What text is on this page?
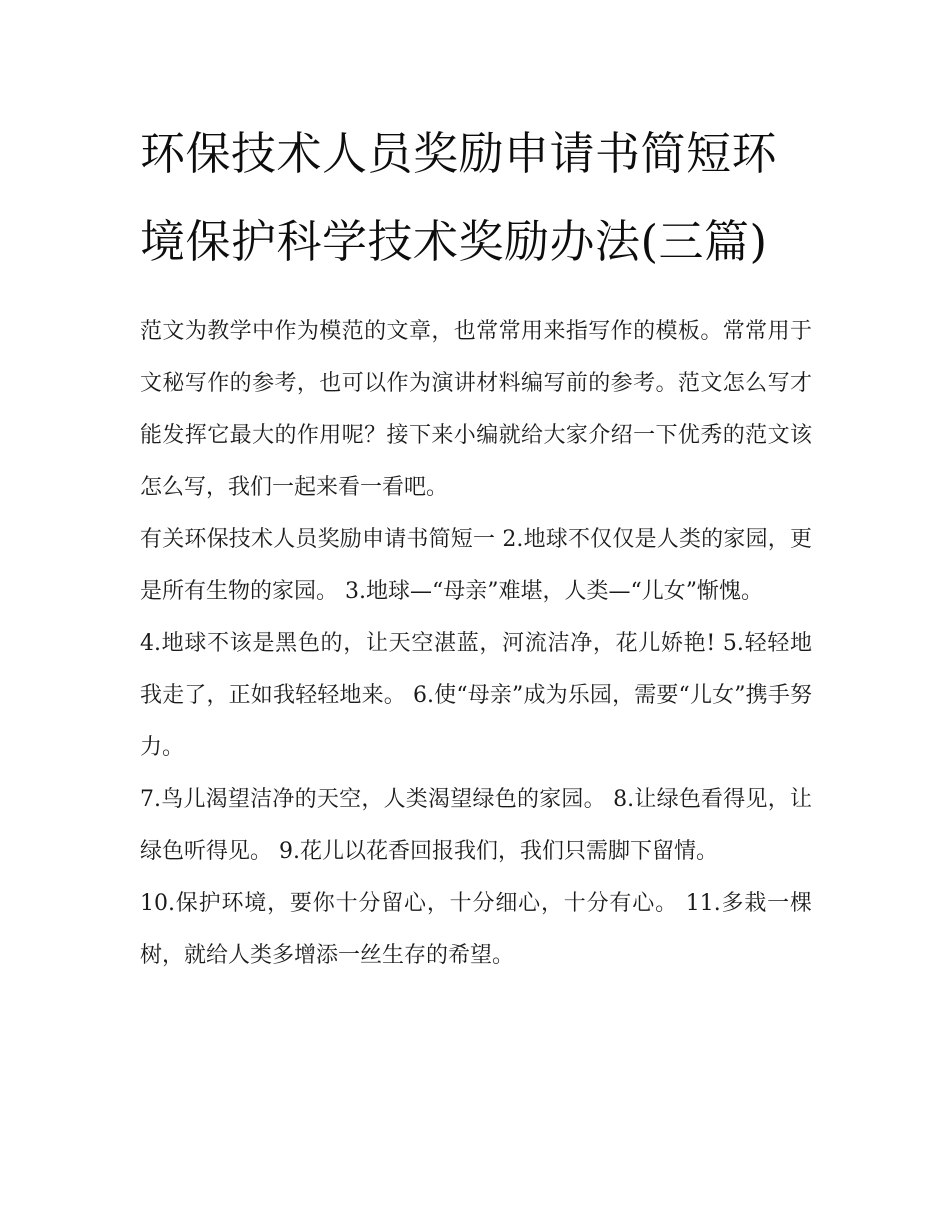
环保技术人员奖励申请书简短环境保护科学技术奖励办法(三篇)

范文为教学中作为模范的文章，也常常用来指写作的模板。常常用于文秘写作的参考，也可以作为演讲材料编写前的参考。范文怎么写才能发挥它最大的作用呢？接下来小编就给大家介绍一下优秀的范文该怎么写，我们一起来看一看吧。

有关环保技术人员奖励申请书简短一 2.地球不仅仅是人类的家园，更是所有生物的家园。 3.地球—“母亲”难堪，人类—“儿女”惭愧。

4.地球不该是黑色的，让天空湛蓝，河流洁净，花儿娇艳! 5.轻轻地我走了，正如我轻轻地来。 6.使“母亲”成为乐园，需要“儿女”携手努力。

7.鸟儿渴望洁净的天空，人类渴望绿色的家园。 8.让绿色看得见，让绿色听得见。 9.花儿以花香回报我们，我们只需脚下留情。

10.保护环境，要你十分留心，十分细心，十分有心。 11.多栽一棵树，就给人类多增添一丝生存的希望。
